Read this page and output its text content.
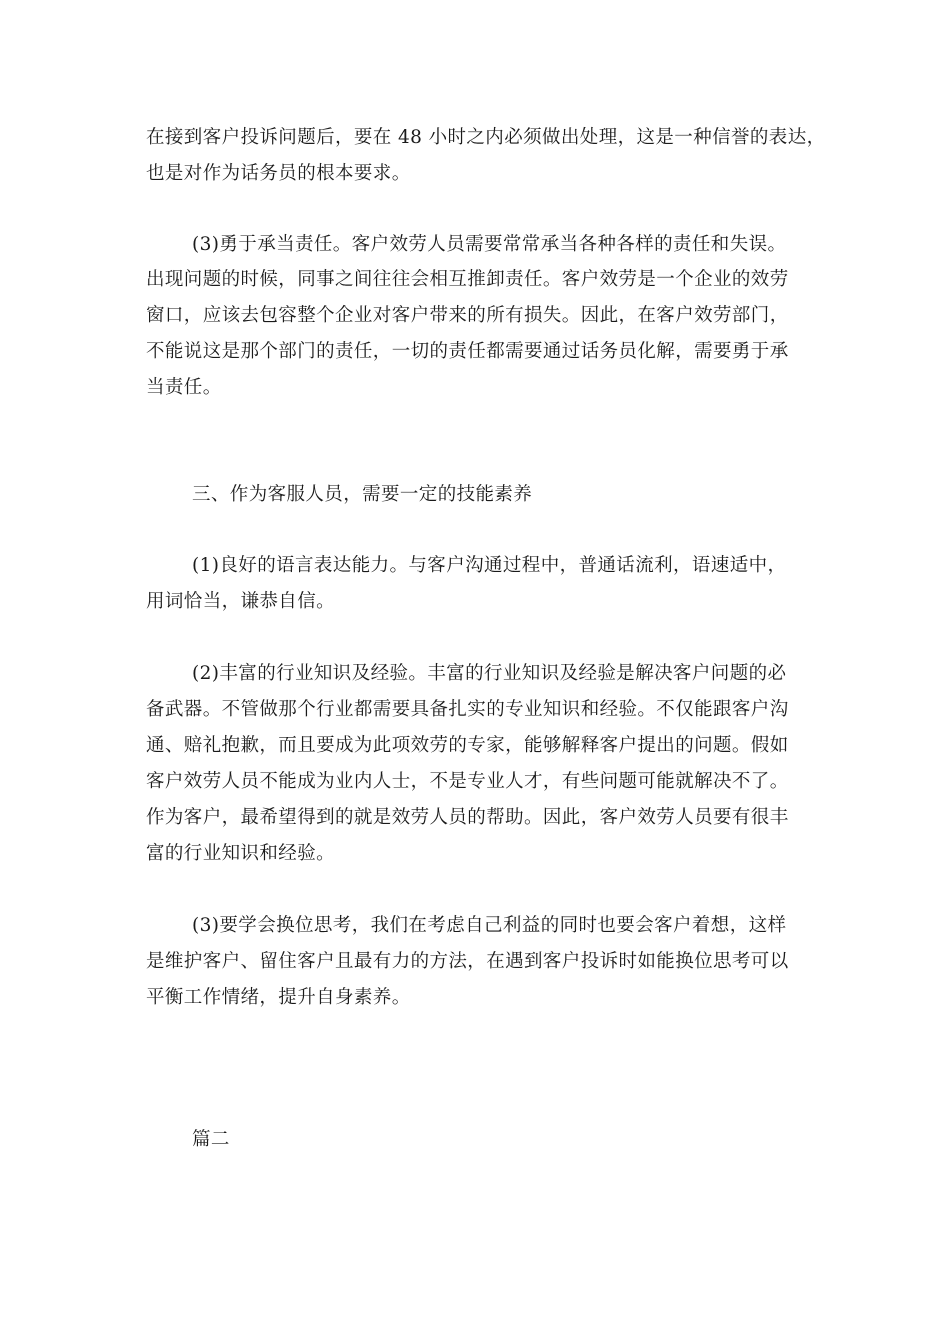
在接到客户投诉问题后，要在 48 小时之内必须做出处理，这是一种信誉的表达，
也是对作为话务员的根本要求。
(3)勇于承当责任。客户效劳人员需要常常承当各种各样的责任和失误。
出现问题的时候，同事之间往往会相互推卸责任。客户效劳是一个企业的效劳
窗口，应该去包容整个企业对客户带来的所有损失。因此，在客户效劳部门，
不能说这是那个部门的责任，一切的责任都需要通过话务员化解，需要勇于承
当责任。
三、作为客服人员，需要一定的技能素养
(1)良好的语言表达能力。与客户沟通过程中，普通话流利，语速适中，
用词恰当，谦恭自信。
(2)丰富的行业知识及经验。丰富的行业知识及经验是解决客户问题的必
备武器。不管做那个行业都需要具备扎实的专业知识和经验。不仅能跟客户沟
通、赔礼抱歉，而且要成为此项效劳的专家，能够解释客户提出的问题。假如
客户效劳人员不能成为业内人士，不是专业人才，有些问题可能就解决不了。
作为客户，最希望得到的就是效劳人员的帮助。因此，客户效劳人员要有很丰
富的行业知识和经验。
(3)要学会换位思考，我们在考虑自己利益的同时也要会客户着想，这样
是维护客户、留住客户且最有力的方法，在遇到客户投诉时如能换位思考可以
平衡工作情绪，提升自身素养。
篇二
